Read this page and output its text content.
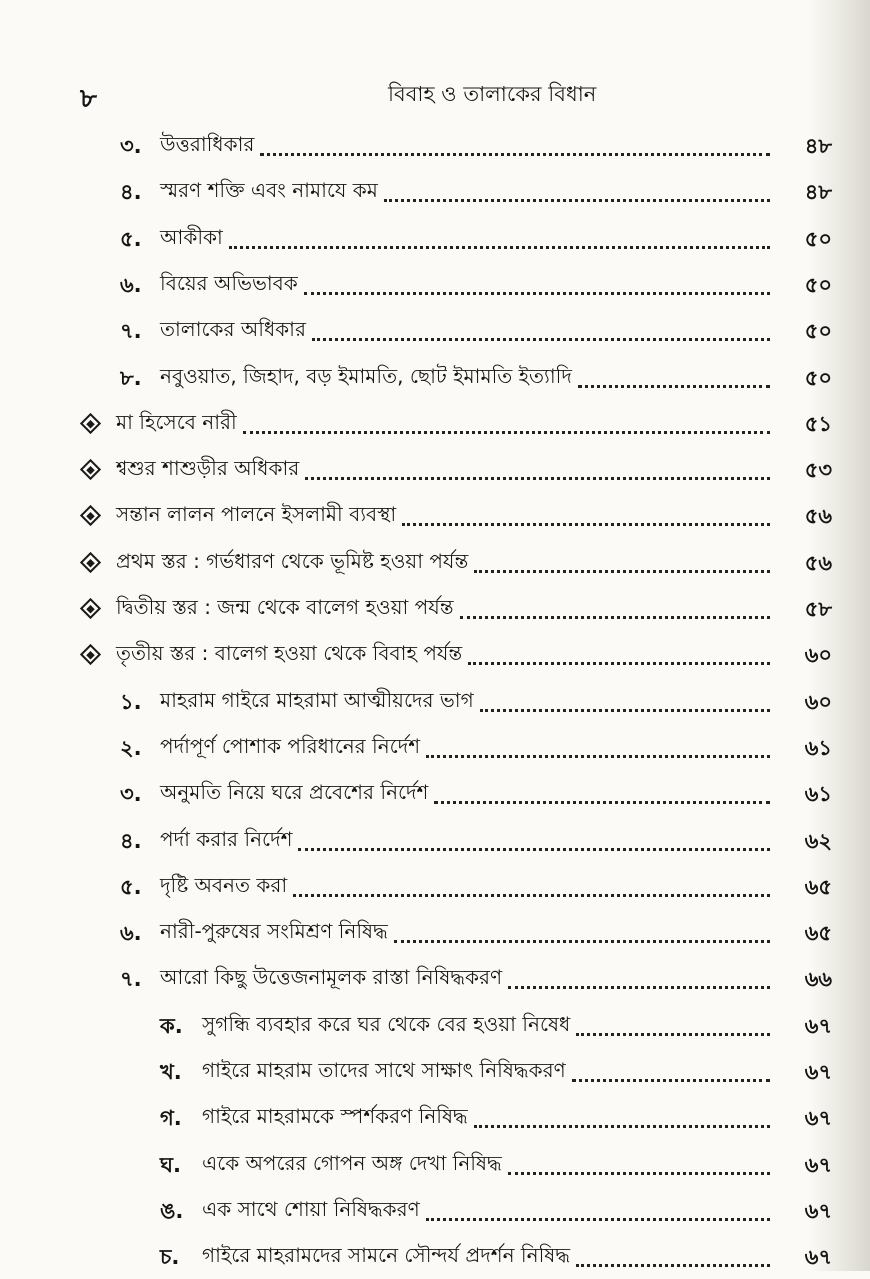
৮	বিবাহ ও তালাকের বিধান
৩. উত্তরাধিকার	৪৮
৪. স্মরণ শক্তি এবং নামাযে কম	৪৮
৫. আকীকা	৫০
৬. বিয়ের অভিভাবক	৫০
৭. তালাকের অধিকার	৫০
৮. নবুওয়াত, জিহাদ, বড় ইমামতি, ছোট ইমামতি ইত্যাদি	৫০
মা হিসেবে নারী	৫১
শ্বশুর শাশুড়ীর অধিকার	৫৩
সন্তান লালন পালনে ইসলামী ব্যবস্থা	৫৬
প্রথম স্তর : গর্ভধারণ থেকে ভূমিষ্ট হওয়া পর্যন্ত	৫৬
দ্বিতীয় স্তর : জন্ম থেকে বালেগ হওয়া পর্যন্ত	৫৮
তৃতীয় স্তর : বালেগ হওয়া থেকে বিবাহ পর্যন্ত	৬০
১. মাহরাম গাইরে মাহরামা আত্মীয়দের ভাগ	৬০
২. পর্দাপূর্ণ পোশাক পরিধানের নির্দেশ	৬১
৩. অনুমতি নিয়ে ঘরে প্রবেশের নির্দেশ	৬১
৪. পর্দা করার নির্দেশ	৬২
৫. দৃষ্টি অবনত করা	৬৫
৬. নারী-পুরুষের সংমিশ্রণ নিষিদ্ধ	৬৫
৭. আরো কিছু উত্তেজনামূলক রাস্তা নিষিদ্ধকরণ	৬৬
ক. সুগন্ধি ব্যবহার করে ঘর থেকে বের হওয়া নিষেধ	৬৭
খ. গাইরে মাহরাম তাদের সাথে সাক্ষাৎ নিষিদ্ধকরণ	৬৭
গ. গাইরে মাহরামকে স্পর্শকরণ নিষিদ্ধ	৬৭
ঘ. একে অপরের গোপন অঙ্গ দেখা নিষিদ্ধ	৬৭
ঙ. এক সাথে শোয়া নিষিদ্ধকরণ	৬৭
চ. গাইরে মাহরামদের সামনে সৌন্দর্য প্রদর্শন নিষিদ্ধ	৬৭
